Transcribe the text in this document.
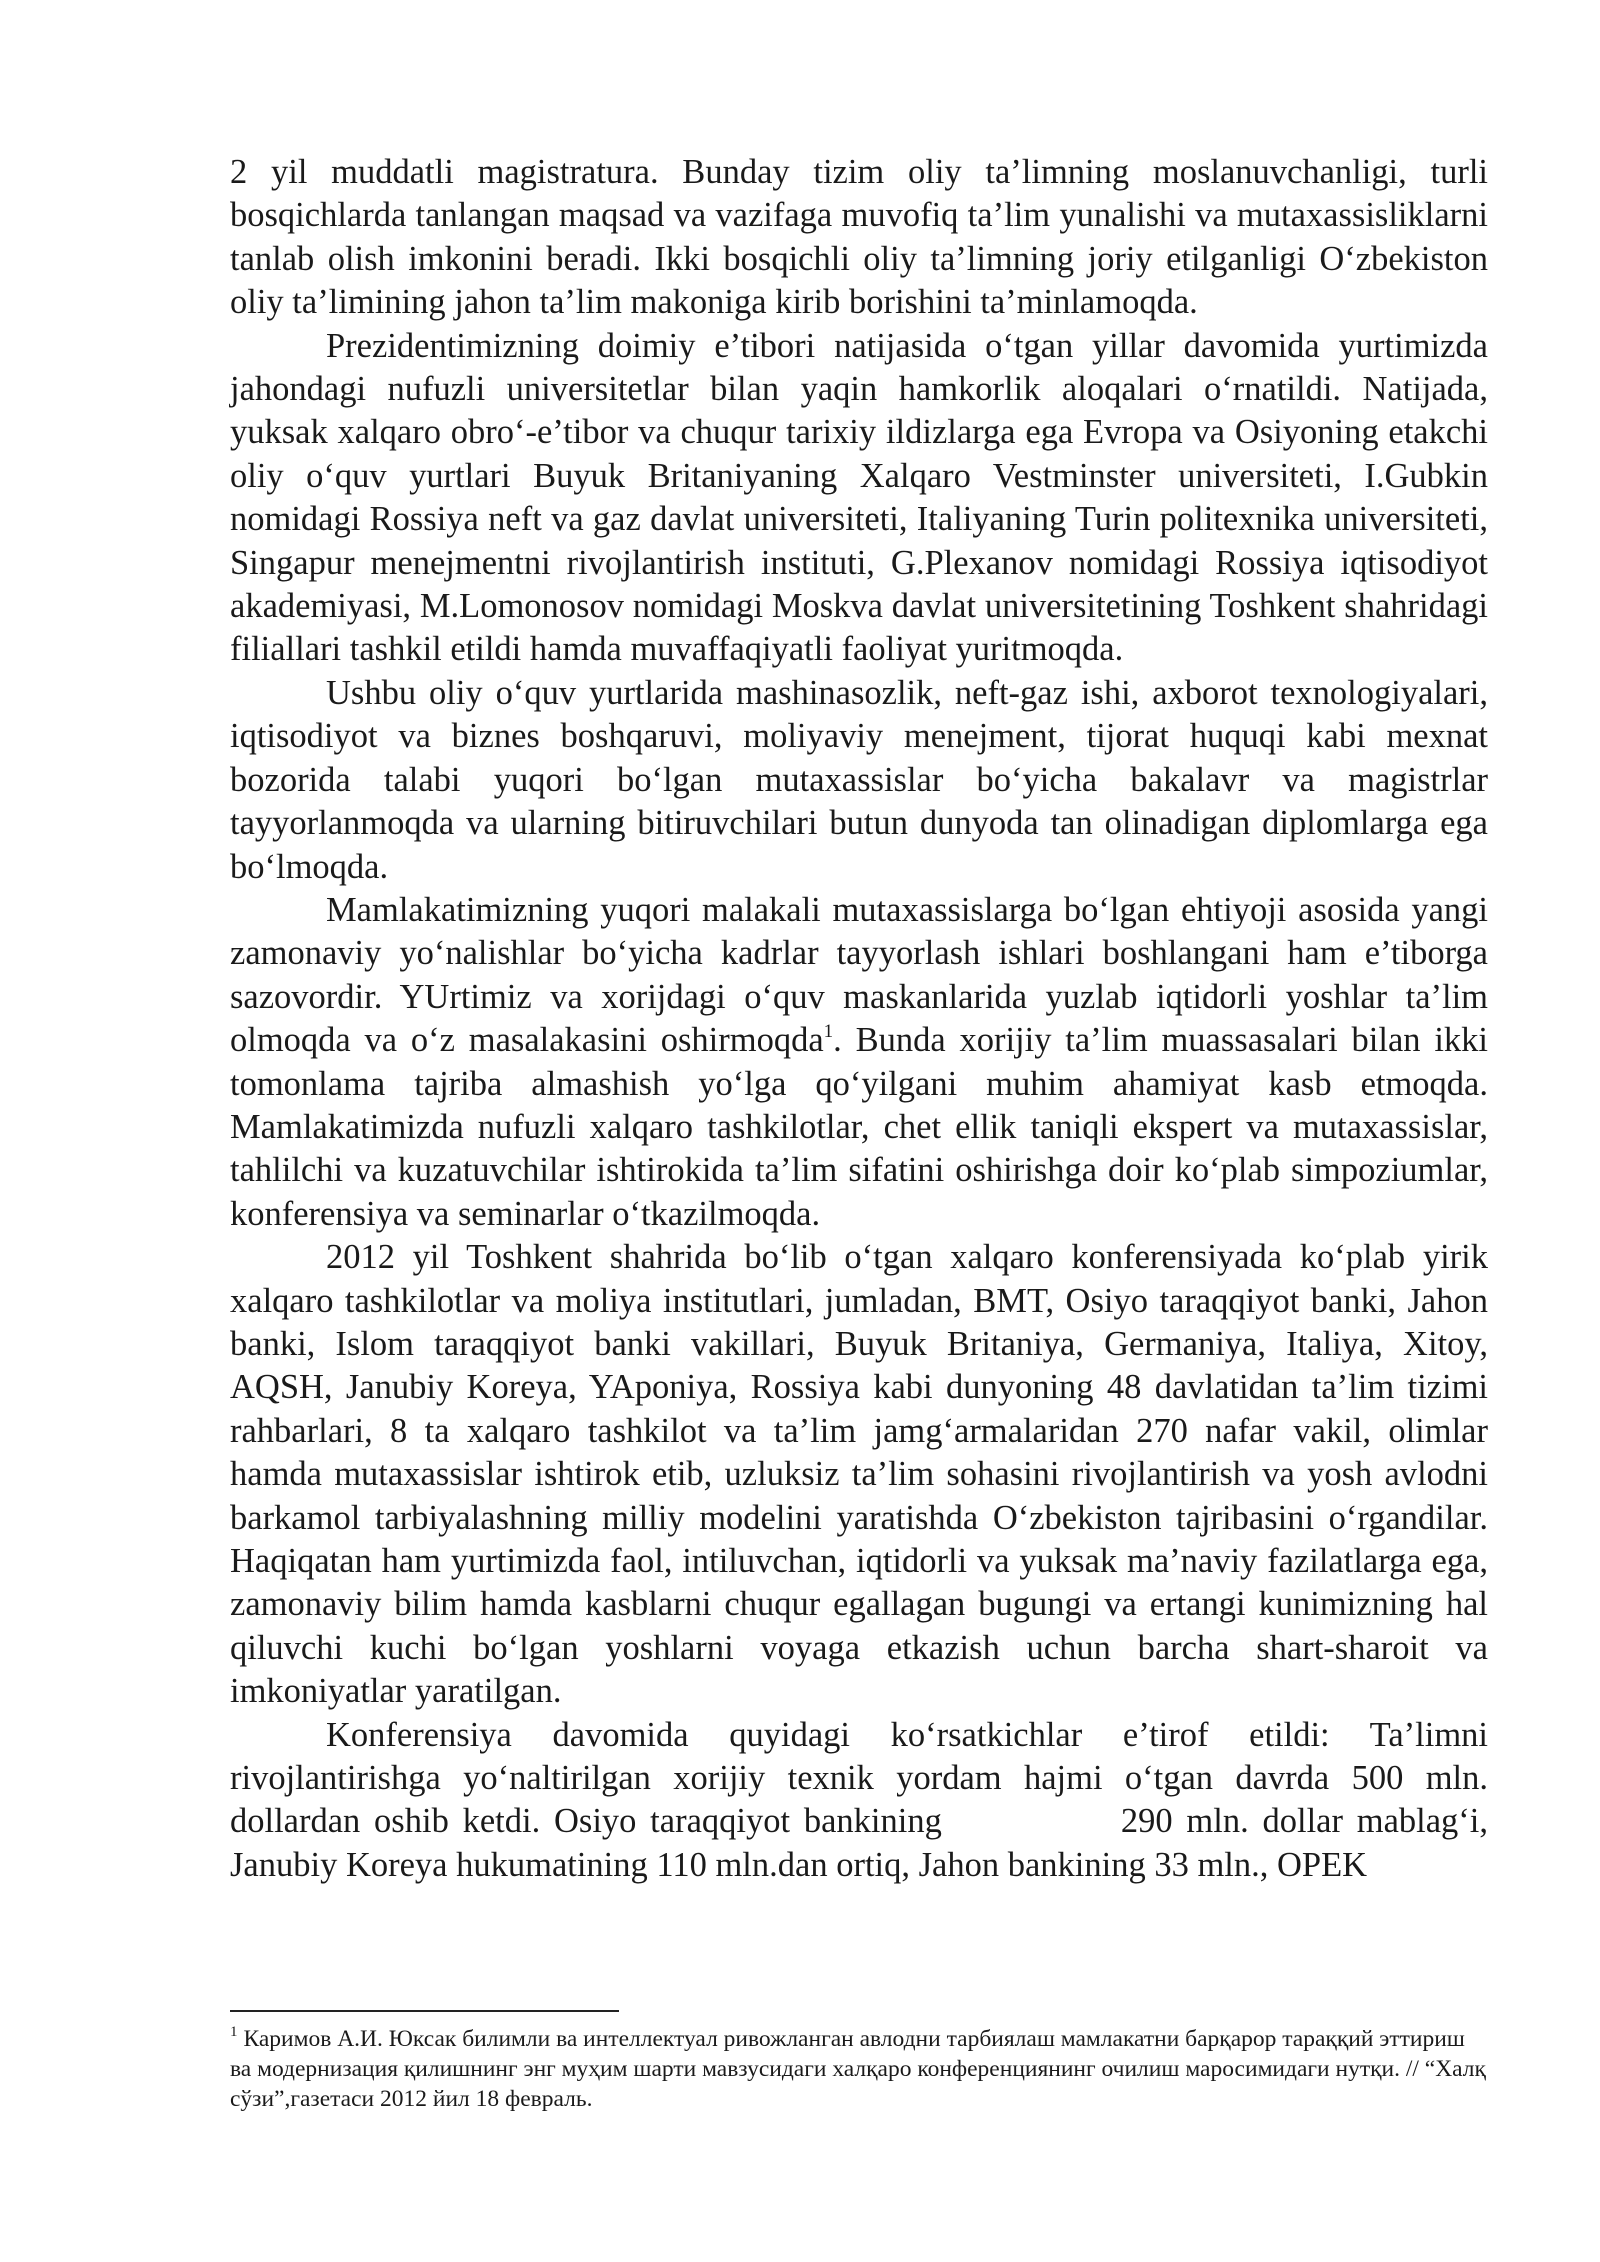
2 yil muddatli magistratura. Bunday tizim oliy ta’limning moslanuvchanligi, turli bosqichlarda tanlangan maqsad va vazifaga muvofiq ta’lim yunalishi va mutaxassisliklarni tanlab olish imkonini beradi. Ikki bosqichli oliy ta’limning joriy etilganligi O‘zbekiston oliy ta’limining jahon ta’lim makoniga kirib borishini ta’minlamoqda.

Prezidentimizning doimiy e’tibori natijasida o‘tgan yillar davomida yurtimizda jahondagi nufuzli universitetlar bilan yaqin hamkorlik aloqalari o‘rnatildi. Natijada, yuksak xalqaro obro‘-e’tibor va chuqur tarixiy ildizlarga ega Evropa va Osiyoning etakchi oliy o‘quv yurtlari Buyuk Britaniyaning Xalqaro Vestminster universiteti, I.Gubkin nomidagi Rossiya neft va gaz davlat universiteti, Italiyaning Turin politexnika universiteti, Singapur menejmentni rivojlantirish instituti, G.Plexanov nomidagi Rossiya iqtisodiyot akademiyasi, M.Lomonosov nomidagi Moskva davlat universitetining Toshkent shahridagi filiallari tashkil etildi hamda muvaffaqiyatli faoliyat yuritmoqda.

Ushbu oliy o‘quv yurtlarida mashinasozlik, neft-gaz ishi, axborot texnologiyalari, iqtisodiyot va biznes boshqaruvi, moliyaviy menejment, tijorat huquqi kabi mexnat bozorida talabi yuqori bo‘lgan mutaxassislar bo‘yicha bakalavr va magistrlar tayyorlanmoqda va ularning bitiruvchilari butun dunyoda tan olinadigan diplomlarga ega bo‘lmoqda.

Mamlakatimizning yuqori malakali mutaxassislarga bo‘lgan ehtiyoji asosida yangi zamonaviy yo‘nalishlar bo‘yicha kadrlar tayyorlash ishlari boshlangani ham e’tiborga sazovordir. YUrtimiz va xorijdagi o‘quv maskanlarida yuzlab iqtidorli yoshlar ta’lim olmoqda va o‘z masalakasini oshirmoqda$^1$. Bunda xorijiy ta’lim muassasalari bilan ikki tomonlama tajriba almashish yo‘lga qo‘yilgani muhim ahamiyat kasb etmoqda. Mamlakatimizda nufuzli xalqaro tashkilotlar, chet ellik taniqli ekspert va mutaxassislar, tahlilchi va kuzatuvchilar ishtirokida ta’lim sifatini oshirishga doir ko‘plab simpoziumlar, konferensiya va seminarlar o‘tkazilmoqda.

2012 yil Toshkent shahrida bo‘lib o‘tgan xalqaro konferensiyada ko‘plab yirik xalqaro tashkilotlar va moliya institutlari, jumladan, BMT, Osiyo taraqqiyot banki, Jahon banki, Islom taraqqiyot banki vakillari, Buyuk Britaniya, Germaniya, Italiya, Xitoy, AQSH, Janubiy Koreya, YAponiya, Rossiya kabi dunyoning 48 davlatidan ta’lim tizimi rahbarlari, 8 ta xalqaro tashkilot va ta’lim jamg‘armalaridan 270 nafar vakil, olimlar hamda mutaxassislar ishtirok etib, uzluksiz ta’lim sohasini rivojlantirish va yosh avlodni barkamol tarbiyalashning milliy modelini yaratishda O‘zbekiston tajribasini o‘rgandilar. Haqiqatan ham yurtimizda faol, intiluvchan, iqtidorli va yuksak ma’naviy fazilatlarga ega, zamonaviy bilim hamda kasblarni chuqur egallagan bugungi va ertangi kunimizning hal qiluvchi kuchi bo‘lgan yoshlarni voyaga etkazish uchun barcha shart-sharoit va imkoniyatlar yaratilgan.

Konferensiya davomida quyidagi ko‘rsatkichlar e’tirof etildi: Ta’limni rivojlantirishga yo‘naltirilgan xorijiy texnik yordam hajmi o‘tgan davrda 500 mln. dollardan oshib ketdi. Osiyo taraqqiyot bankining             290 mln. dollar mablag‘i, Janubiy Koreya hukumatining 110 mln.dan ortiq, Jahon bankining 33 mln., OPEK

$^1$ Каримов А.И. Юксак билимли ва интеллектуал ривожланган авлодни тарбиялаш мамлакатни барқарор тараққий эттириш ва модернизация қилишнинг энг муҳим шарти мавзусидаги халқаро конференциянинг очилиш маросимидаги нутқи. // “Халқ сўзи”,газетаси 2012 йил 18 февраль.
